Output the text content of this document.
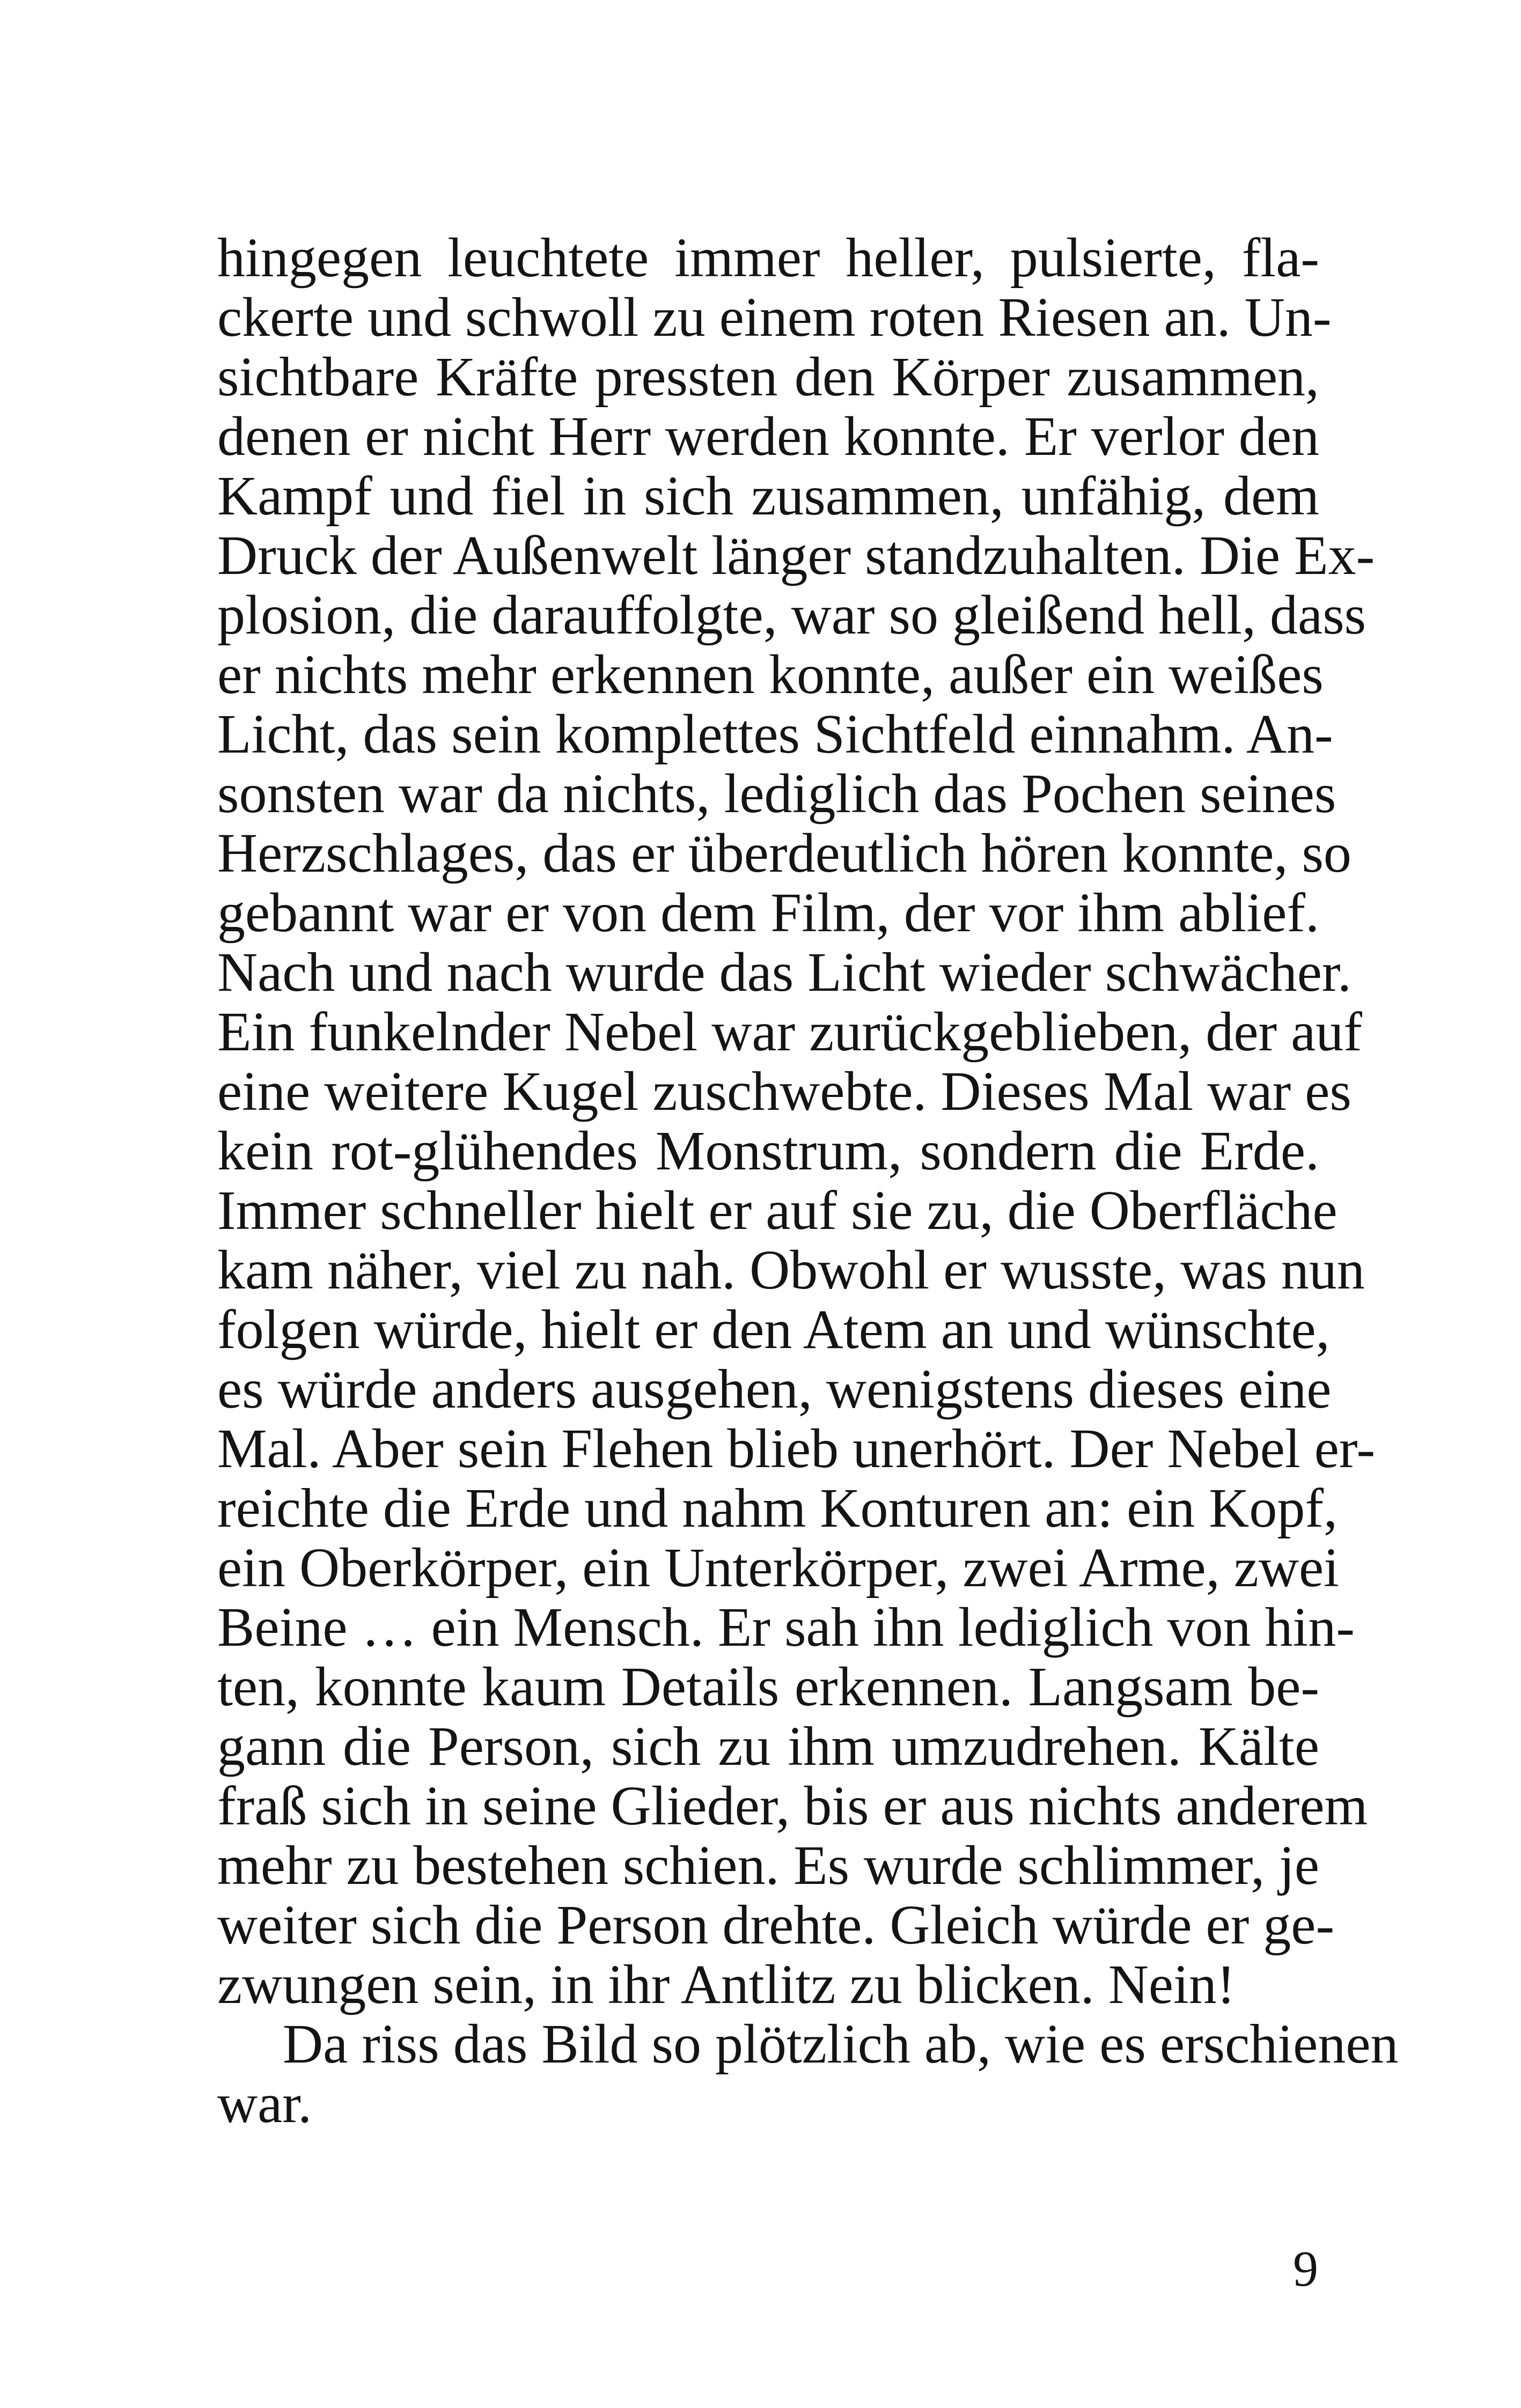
hingegen leuchtete immer heller, pulsierte, fla-
ckerte und schwoll zu einem roten Riesen an. Un-
sichtbare Kräfte pressten den Körper zusammen,
denen er nicht Herr werden konnte. Er verlor den
Kampf und fiel in sich zusammen, unfähig, dem
Druck der Außenwelt länger standzuhalten. Die Ex-
plosion, die darauffolgte, war so gleißend hell, dass
er nichts mehr erkennen konnte, außer ein weißes
Licht, das sein komplettes Sichtfeld einnahm. An-
sonsten war da nichts, lediglich das Pochen seines
Herzschlages, das er überdeutlich hören konnte, so
gebannt war er von dem Film, der vor ihm ablief.
Nach und nach wurde das Licht wieder schwächer.
Ein funkelnder Nebel war zurückgeblieben, der auf
eine weitere Kugel zuschwebte. Dieses Mal war es
kein rot-glühendes Monstrum, sondern die Erde.
Immer schneller hielt er auf sie zu, die Oberfläche
kam näher, viel zu nah. Obwohl er wusste, was nun
folgen würde, hielt er den Atem an und wünschte,
es würde anders ausgehen, wenigstens dieses eine
Mal. Aber sein Flehen blieb unerhört. Der Nebel er-
reichte die Erde und nahm Konturen an: ein Kopf,
ein Oberkörper, ein Unterkörper, zwei Arme, zwei
Beine … ein Mensch. Er sah ihn lediglich von hin-
ten, konnte kaum Details erkennen. Langsam be-
gann die Person, sich zu ihm umzudrehen. Kälte
fraß sich in seine Glieder, bis er aus nichts anderem
mehr zu bestehen schien. Es wurde schlimmer, je
weiter sich die Person drehte. Gleich würde er ge-
zwungen sein, in ihr Antlitz zu blicken. Nein!
Da riss das Bild so plötzlich ab, wie es erschienen
war.
9
